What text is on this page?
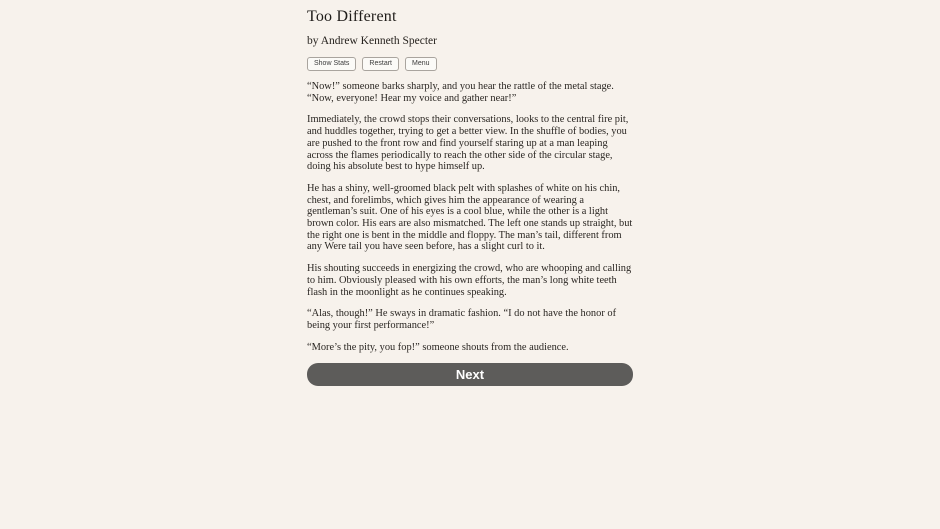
Too Different

by Andrew Kenneth Specter

Show Stats	Restart	Menu

“Now!” someone barks sharply, and you hear the rattle of the metal stage. “Now, everyone! Hear my voice and gather near!”

Immediately, the crowd stops their conversations, looks to the central fire pit, and huddles together, trying to get a better view. In the shuffle of bodies, you are pushed to the front row and find yourself staring up at a man leaping across the flames periodically to reach the other side of the circular stage, doing his absolute best to hype himself up.

He has a shiny, well-groomed black pelt with splashes of white on his chin, chest, and forelimbs, which gives him the appearance of wearing a gentleman’s suit. One of his eyes is a cool blue, while the other is a light brown color. His ears are also mismatched. The left one stands up straight, but the right one is bent in the middle and floppy. The man’s tail, different from any Were tail you have seen before, has a slight curl to it.

His shouting succeeds in energizing the crowd, who are whooping and calling to him. Obviously pleased with his own efforts, the man’s long white teeth flash in the moonlight as he continues speaking.

“Alas, though!” He sways in dramatic fashion. “I do not have the honor of being your first performance!”

“More’s the pity, you fop!” someone shouts from the audience.

Next
